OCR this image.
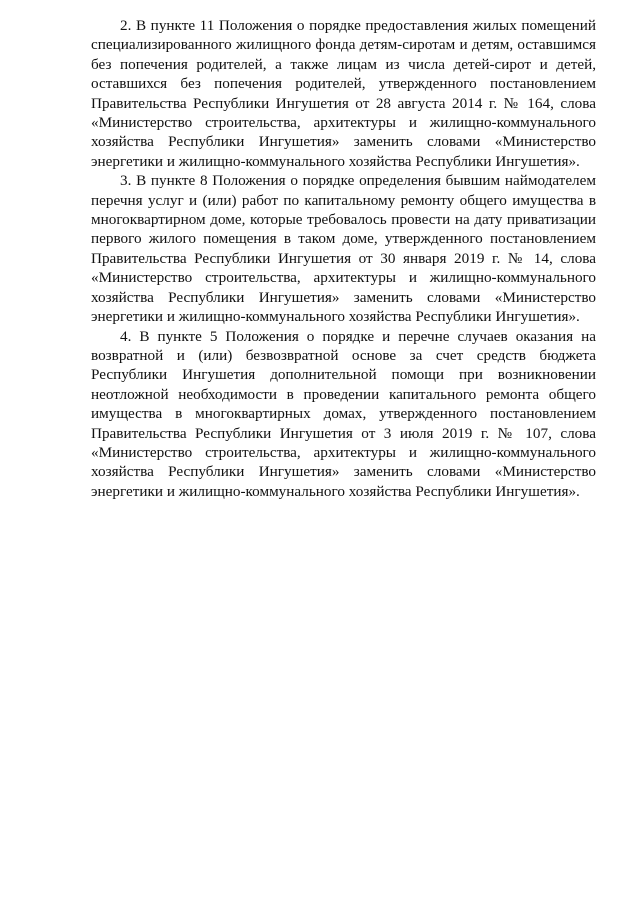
2. В пункте 11 Положения о порядке предоставления жилых помещений специализированного жилищного фонда детям-сиротам и детям, оставшимся без попечения родителей, а также лицам из числа детей-сирот и детей, оставшихся без попечения родителей, утвержденного постановлением Правительства Республики Ингушетия от 28 августа 2014 г. № 164, слова «Министерство строительства, архитектуры и жилищно-коммунального хозяйства Республики Ингушетия» заменить словами «Министерство энергетики и жилищно-коммунального хозяйства Республики Ингушетия».

3. В пункте 8 Положения о порядке определения бывшим наймодателем перечня услуг и (или) работ по капитальному ремонту общего имущества в многоквартирном доме, которые требовалось провести на дату приватизации первого жилого помещения в таком доме, утвержденного постановлением Правительства Республики Ингушетия от 30 января 2019 г. № 14, слова «Министерство строительства, архитектуры и жилищно-коммунального хозяйства Республики Ингушетия» заменить словами «Министерство энергетики и жилищно-коммунального хозяйства Республики Ингушетия».

4. В пункте 5 Положения о порядке и перечне случаев оказания на возвратной и (или) безвозвратной основе за счет средств бюджета Республики Ингушетия дополнительной помощи при возникновении неотложной необходимости в проведении капитального ремонта общего имущества в многоквартирных домах, утвержденного постановлением Правительства Республики Ингушетия от 3 июля 2019 г. № 107, слова «Министерство строительства, архитектуры и жилищно-коммунального хозяйства Республики Ингушетия» заменить словами «Министерство энергетики и жилищно-коммунального хозяйства Республики Ингушетия».
